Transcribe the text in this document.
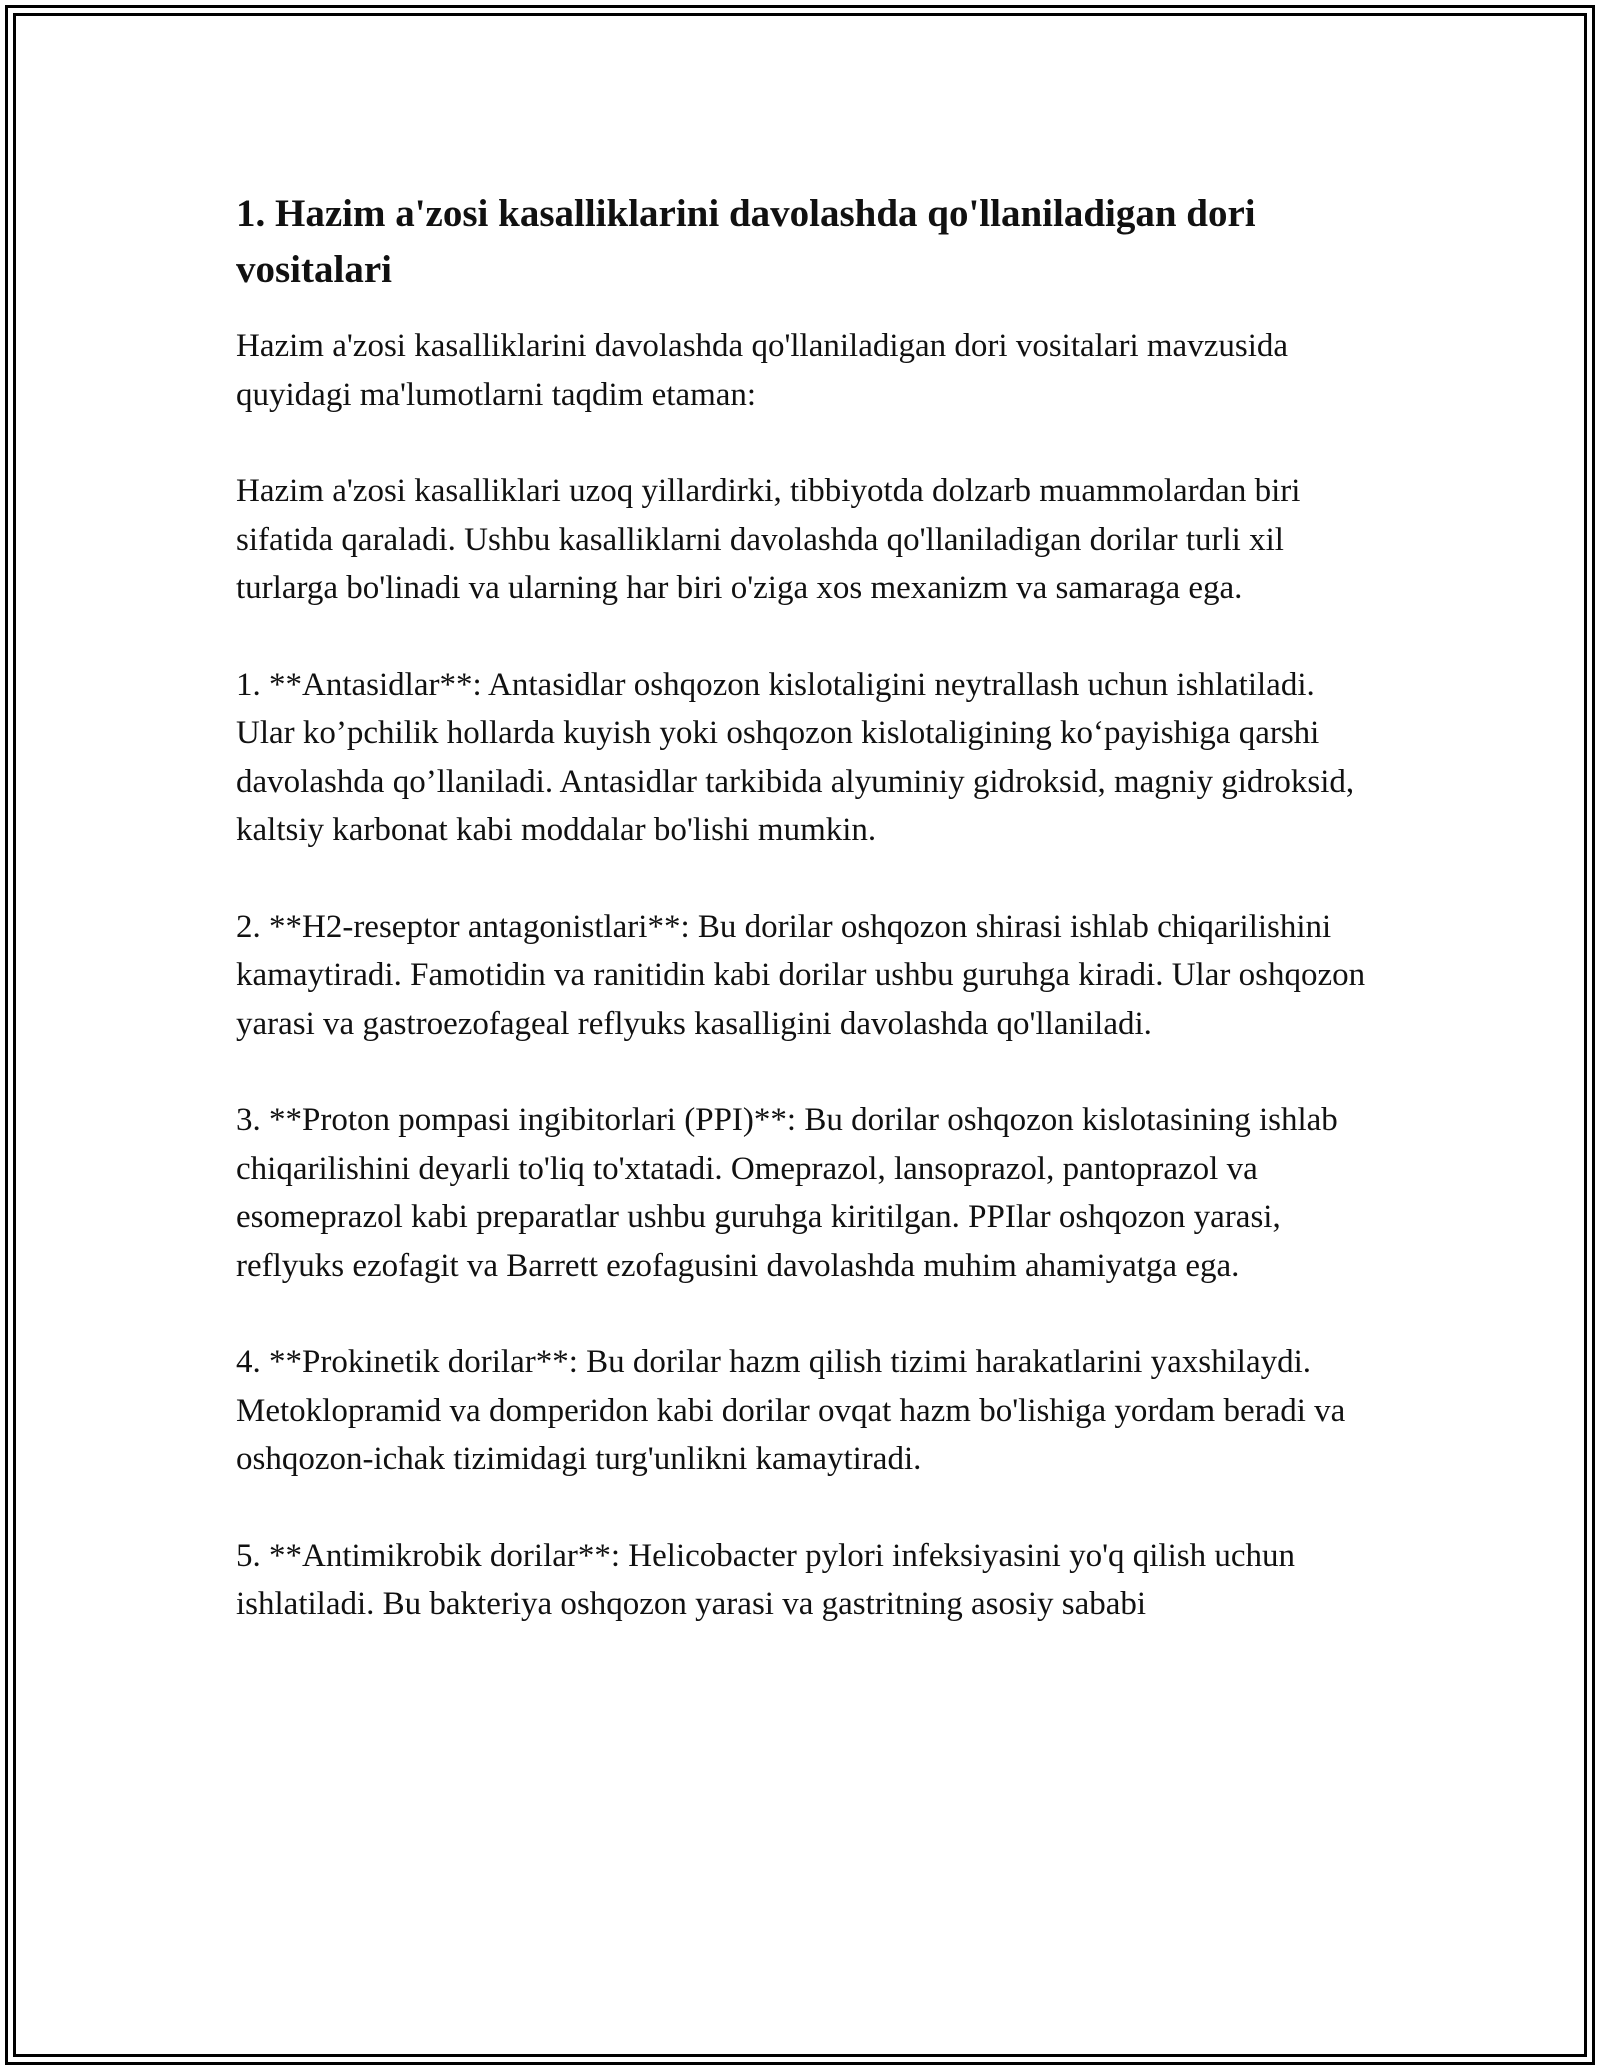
1. Hazim a'zosi kasalliklarini davolashda qo'llaniladigan dori vositalari

Hazim a'zosi kasalliklarini davolashda qo'llaniladigan dori vositalari mavzusida quyidagi ma'lumotlarni taqdim etaman:

Hazim a'zosi kasalliklari uzoq yillardirki, tibbiyotda dolzarb muammolardan biri sifatida qaraladi. Ushbu kasalliklarni davolashda qo'llaniladigan dorilar turli xil turlarga bo'linadi va ularning har biri o'ziga xos mexanizm va samaraga ega.

1. **Antasidlar**: Antasidlar oshqozon kislotaligini neytrallash uchun ishlatiladi. Ular ko’pchilik hollarda kuyish yoki oshqozon kislotaligining ko‘payishiga qarshi davolashda qo’llaniladi. Antasidlar tarkibida alyuminiy gidroksid, magniy gidroksid, kaltsiy karbonat kabi moddalar bo'lishi mumkin.

2. **H2-reseptor antagonistlari**: Bu dorilar oshqozon shirasi ishlab chiqarilishini kamaytiradi. Famotidin va ranitidin kabi dorilar ushbu guruhga kiradi. Ular oshqozon yarasi va gastroezofageal reflyuks kasalligini davolashda qo'llaniladi.

3. **Proton pompasi ingibitorlari (PPI)**: Bu dorilar oshqozon kislotasining ishlab chiqarilishini deyarli to'liq to'xtatadi. Omeprazol, lansoprazol, pantoprazol va esomeprazol kabi preparatlar ushbu guruhga kiritilgan. PPIlar oshqozon yarasi, reflyuks ezofagit va Barrett ezofagusini davolashda muhim ahamiyatga ega.

4. **Prokinetik dorilar**: Bu dorilar hazm qilish tizimi harakatlarini yaxshilaydi. Metoklopramid va domperidon kabi dorilar ovqat hazm bo'lishiga yordam beradi va oshqozon-ichak tizimidagi turg'unlikni kamaytiradi.

5. **Antimikrobik dorilar**: Helicobacter pylori infeksiyasini yo'q qilish uchun ishlatiladi. Bu bakteriya oshqozon yarasi va gastritning asosiy sababi
